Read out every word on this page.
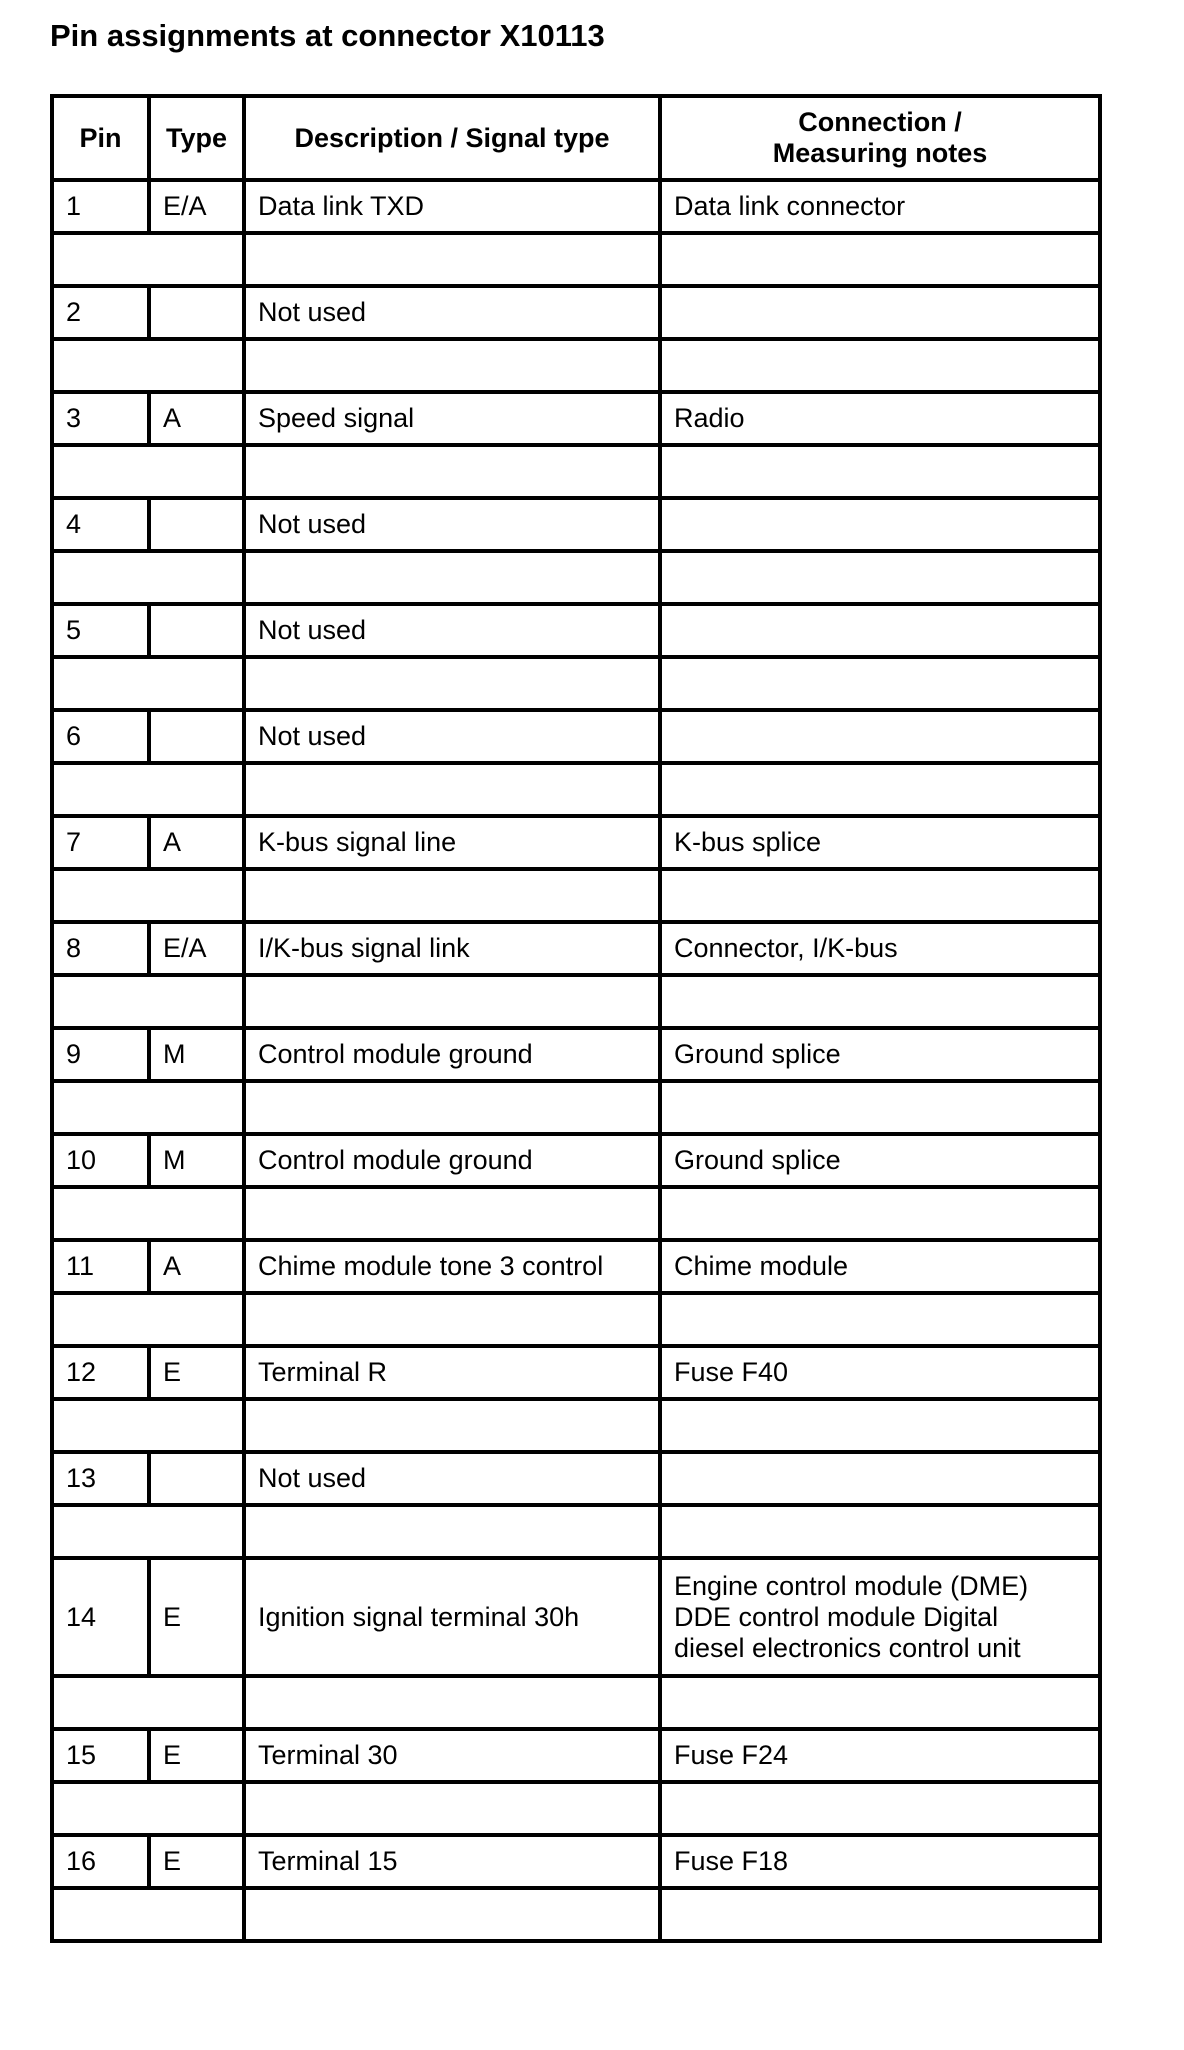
Pin assignments at connector X10113
Pin	Type	Description / Signal type	Connection /
Measuring notes
1	E/A	Data link TXD	Data link connector

2		Not used	

3	A	Speed signal	Radio

4		Not used	

5		Not used	

6		Not used	

7	A	K-bus signal line	K-bus splice

8	E/A	I/K-bus signal link	Connector, I/K-bus

9	M	Control module ground	Ground splice

10	M	Control module ground	Ground splice

11	A	Chime module tone 3 control	Chime module

12	E	Terminal R	Fuse F40

13		Not used	

14	E	Ignition signal terminal 30h	Engine control module (DME)
DDE control module Digital
diesel electronics control unit

15	E	Terminal 30	Fuse F24

16	E	Terminal 15	Fuse F18
